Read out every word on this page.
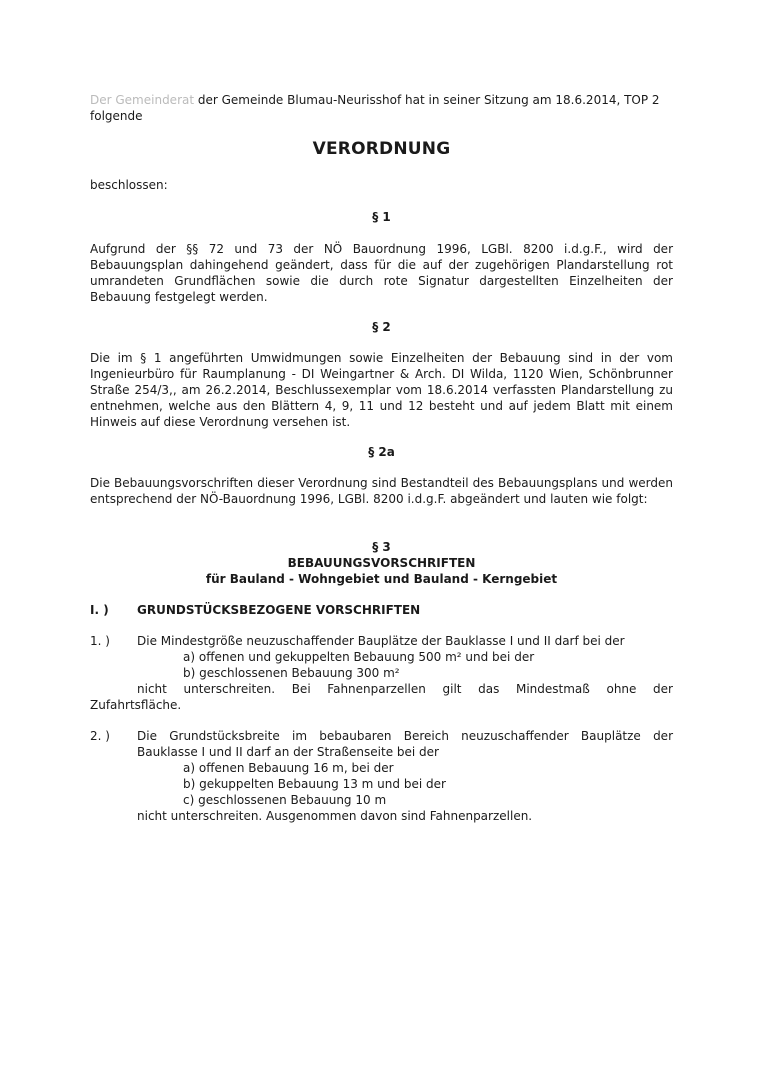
Der Gemeinderat der Gemeinde Blumau-Neurisshof hat in seiner Sitzung am 18.6.2014, TOP 2

folgende

VERORDNUNG

beschlossen:

§ 1

Aufgrund der §§ 72 und 73 der NÖ Bauordnung 1996, LGBl. 8200 i.d.g.F., wird der Bebauungsplan dahingehend geändert, dass für die auf der zugehörigen Plandarstellung rot umrandeten Grundflächen sowie die durch rote Signatur dargestellten Einzelheiten der Bebauung festgelegt werden.

§ 2

Die im § 1 angeführten Umwidmungen sowie Einzelheiten der Bebauung sind in der vom Ingenieurbüro für Raumplanung - DI Weingartner & Arch. DI Wilda, 1120 Wien, Schönbrunner Straße 254/3,, am 26.2.2014, Beschlussexemplar vom 18.6.2014 verfassten Plandarstellung zu entnehmen, welche aus den Blättern 4, 9, 11 und 12 besteht und auf jedem Blatt mit einem Hinweis auf diese Verordnung versehen ist.

§ 2a

Die Bebauungsvorschriften dieser Verordnung sind Bestandteil des Bebauungsplans und werden entsprechend der NÖ-Bauordnung 1996, LGBl. 8200 i.d.g.F. abgeändert und lauten wie folgt:

§ 3

BEBAUUNGSVORSCHRIFTEN

für Bauland - Wohngebiet und Bauland - Kerngebiet

I. ) GRUNDSTÜCKSBEZOGENE VORSCHRIFTEN

1. ) Die Mindestgröße neuzuschaffender Bauplätze der Bauklasse I und II darf bei der

a) offenen und gekuppelten Bebauung 500 m² und bei der

b) geschlossenen Bebauung 300 m²

nicht unterschreiten. Bei Fahnenparzellen gilt das Mindestmaß ohne der

Zufahrtsfläche.

2. ) Die Grundstücksbreite im bebaubaren Bereich neuzuschaffender Bauplätze der

Bauklasse I und II darf an der Straßenseite bei der

a) offenen Bebauung 16 m, bei der

b) gekuppelten Bebauung 13 m und bei der

c) geschlossenen Bebauung 10 m

nicht unterschreiten. Ausgenommen davon sind Fahnenparzellen.
